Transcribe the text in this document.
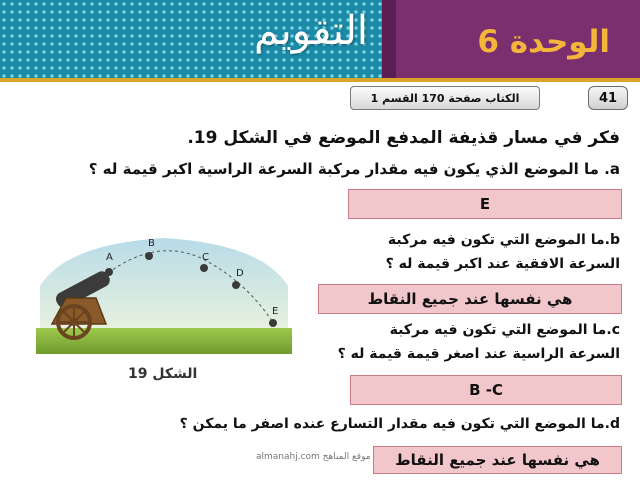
التقويم	الوحدة 6
41
الكتاب صفحة 170 القسم 1
فكر في مسار قذيفة المدفع الموضع في الشكل 19.
a. ما الموضع الذي يكون فيه مقدار مركبة السرعة الراسية اكبر قيمة له ؟
E
b.ما الموضع التي تكون فيه مركبة
السرعة الافقية عند اكبر قيمة له ؟
هي نفسها عند جميع النقاط
c.ما الموضع التي تكون فيه مركبة
السرعة الراسية عند اصغر قيمة قيمة له ؟
B -C
d.ما الموضع التي تكون فيه مقدار التسارع عنده اصفر ما يمكن ؟
هي نفسها عند جميع النقاط
A
B
C
D
E
الشكل 19
موقع المناهج almanahj.com
